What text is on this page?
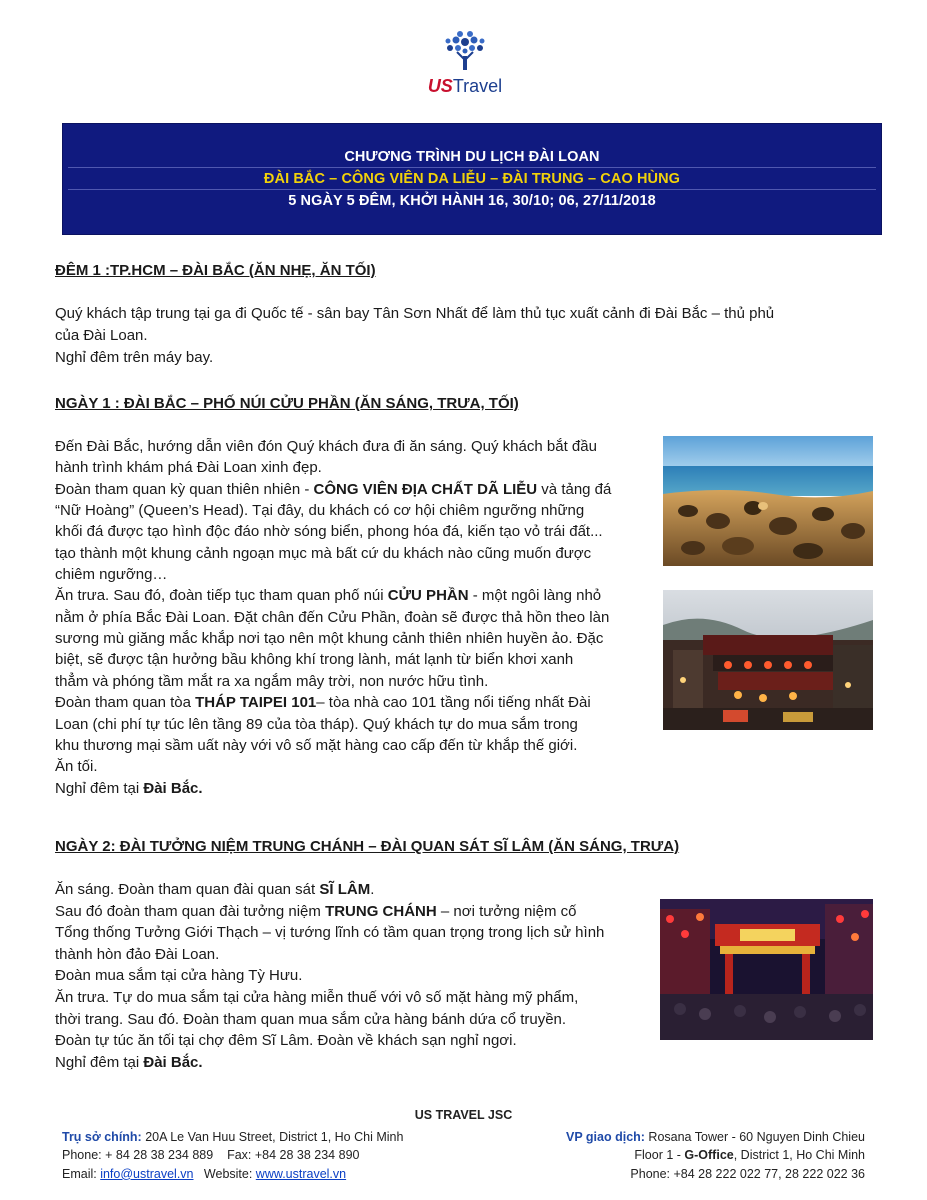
USTravel
CHƯƠNG TRÌNH DU LỊCH ĐÀI LOAN
ĐÀI BẮC – CÔNG VIÊN DA LIỄU – ĐÀI TRUNG – CAO HÙNG
5 NGÀY 5 ĐÊM, KHỞI HÀNH 16, 30/10; 06, 27/11/2018
ĐÊM 1 :TP.HCM – ĐÀI BẮC (ĂN NHẸ, ĂN TỐI)
Quý khách tập trung tại ga đi Quốc tế - sân bay Tân Sơn Nhất để làm thủ tục xuất cảnh đi Đài Bắc – thủ phủ
của Đài Loan.
Nghỉ đêm trên máy bay.
NGÀY 1 : ĐÀI BẮC – PHỐ NÚI CỬU PHẦN (ĂN SÁNG, TRƯA, TỐI)
Đến Đài Bắc, hướng dẫn viên đón Quý khách đưa đi ăn sáng. Quý khách bắt đầu
hành trình khám phá Đài Loan xinh đẹp.
Đoàn tham quan kỳ quan thiên nhiên - CÔNG VIÊN ĐỊA CHẤT DÃ LIỄU và tảng đá
“Nữ Hoàng” (Queen’s Head). Tại đây, du khách có cơ hội chiêm ngưỡng những
khối đá được tạo hình độc đáo nhờ sóng biển, phong hóa đá, kiến tạo vỏ trái đất...
tạo thành một khung cảnh ngoạn mục mà bất cứ du khách nào cũng muốn được
chiêm ngưỡng…
Ăn trưa. Sau đó, đoàn tiếp tục tham quan phố núi CỬU PHẦN - một ngôi làng nhỏ
nằm ở phía Bắc Đài Loan. Đặt chân đến Cửu Phần, đoàn sẽ được thả hồn theo làn
sương mù giăng mắc khắp nơi tạo nên một khung cảnh thiên nhiên huyền ảo. Đặc
biệt, sẽ được tận hưởng bầu không khí trong lành, mát lạnh từ biển khơi xanh
thẳm và phóng tầm mắt ra xa ngắm mây trời, non nước hữu tình.
Đoàn tham quan tòa THÁP TAIPEI 101– tòa nhà cao 101 tầng nổi tiếng nhất Đài
Loan (chi phí tự túc lên tầng 89 của tòa tháp). Quý khách tự do mua sắm trong
khu thương mại sầm uất này với vô số mặt hàng cao cấp đến từ khắp thế giới.
Ăn tối.
Nghỉ đêm tại Đài Bắc.
NGÀY 2: ĐÀI TƯỞNG NIỆM TRUNG CHÁNH – ĐÀI QUAN SÁT SĨ LÂM (ĂN SÁNG, TRƯA)
Ăn sáng. Đoàn tham quan đài quan sát SĨ LÂM.
Sau đó đoàn tham quan đài tưởng niệm TRUNG CHÁNH – nơi tưởng niệm cố
Tổng thống Tưởng Giới Thạch – vị tướng lĩnh có tầm quan trọng trong lịch sử hình
thành hòn đảo Đài Loan.
Đoàn mua sắm tại cửa hàng Tỳ Hưu.
Ăn trưa. Tự do mua sắm tại cửa hàng miễn thuế với vô số mặt hàng mỹ phẩm,
thời trang. Sau đó. Đoàn tham quan mua sắm cửa hàng bánh dứa cổ truyền.
Đoàn tự túc ăn tối tại chợ đêm Sĩ Lâm. Đoàn về khách sạn nghỉ ngơi.
Nghỉ đêm tại Đài Bắc.
US TRAVEL JSC
Trụ sở chính: 20A Le Van Huu Street, District 1, Ho Chi Minh
Phone: + 84 28 38 234 889    Fax: +84 28 38 234 890
Email: info@ustravel.vn   Website: www.ustravel.vn
VP giao dịch: Rosana Tower - 60 Nguyen Dinh Chieu
Floor 1 - G-Office, District 1, Ho Chi Minh
Phone: +84 28 222 022 77, 28 222 022 36
